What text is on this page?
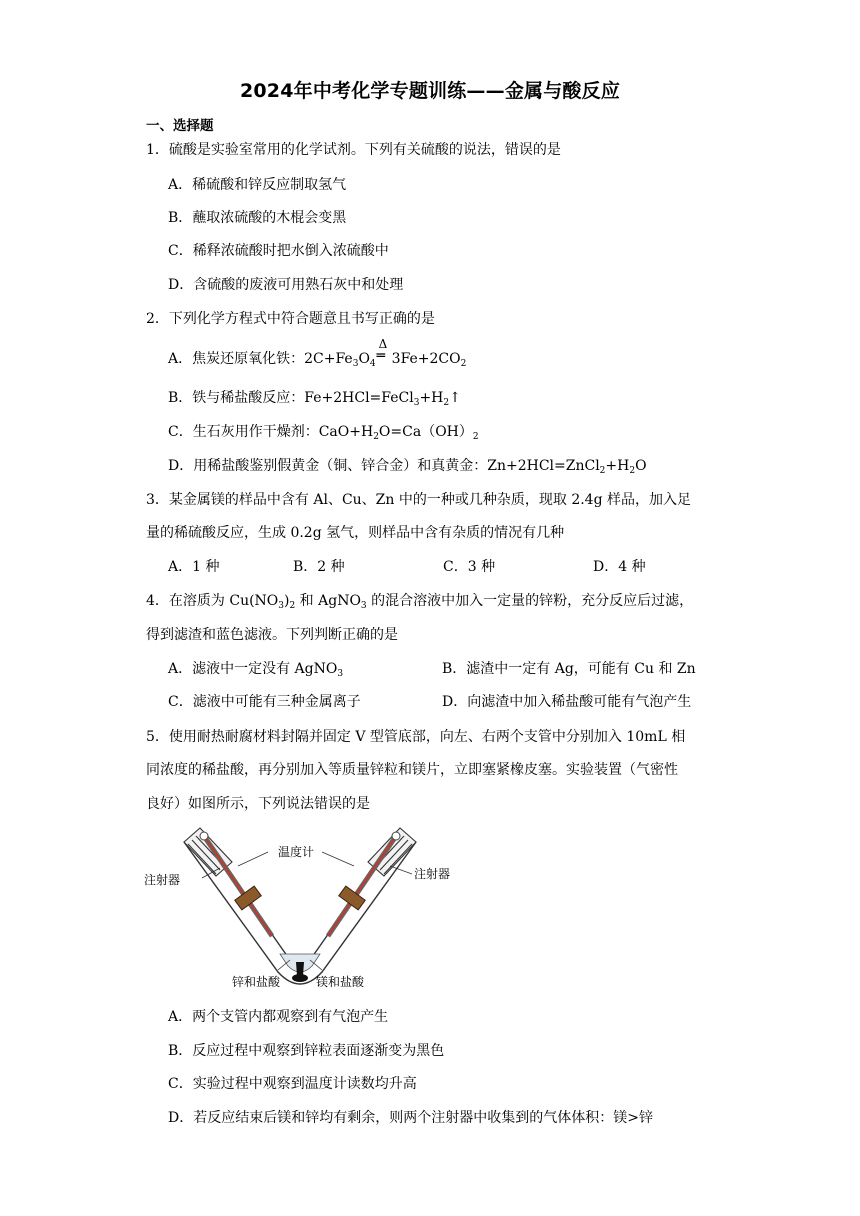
2024年中考化学专题训练——金属与酸反应
一、选择题
1．硫酸是实验室常用的化学试剂。下列有关硫酸的说法，错误的是
A．稀硫酸和锌反应制取氢气
B．蘸取浓硫酸的木棍会变黑
C．稀释浓硫酸时把水倒入浓硫酸中
D．含硫酸的废液可用熟石灰中和处理
2．下列化学方程式中符合题意且书写正确的是
A．焦炭还原氧化铁：$2C+Fe_3O_4$
Δ
═ $3Fe+2CO_2$
B．铁与稀盐酸反应：$Fe+2HCl=FeCl_3+H_2↑$
C．生石灰用作干燥剂：$CaO+H_2O=Ca(OH)_2$
D．用稀盐酸鉴别假黄金（铜、锌合金）和真黄金：$Zn+2HCl=ZnCl_2+H_2O$
3．某金属镁的样品中含有 Al、Cu、Zn 中的一种或几种杂质，现取 2.4g 样品，加入足
量的稀硫酸反应，生成 0.2g 氢气，则样品中含有杂质的情况有几种
A．1 种	B．2 种	C．3 种	D．4 种
4．在溶质为 $Cu(NO_3)_2$ 和 AgNO$_3$ 的混合溶液中加入一定量的锌粉，充分反应后过滤，
得到滤渣和蓝色滤液。下列判断正确的是
A．滤液中一定没有 AgNO$_3$	B．滤渣中一定有 Ag，可能有 Cu 和 Zn
C．滤液中可能有三种金属离子	D．向滤渣中加入稀盐酸可能有气泡产生
5．使用耐热耐腐材料封隔并固定 V 型管底部，向左、右两个支管中分别加入 10mL 相
同浓度的稀盐酸，再分别加入等质量锌粒和镁片，立即塞紧橡皮塞。实验装置（气密性
良好）如图所示，下列说法错误的是
温度计
注射器	注射器
锌和盐酸	镁和盐酸
A．两个支管内都观察到有气泡产生
B．反应过程中观察到锌粒表面逐渐变为黑色
C．实验过程中观察到温度计读数均升高
D．若反应结束后镁和锌均有剩余，则两个注射器中收集到的气体体积：镁>锌
